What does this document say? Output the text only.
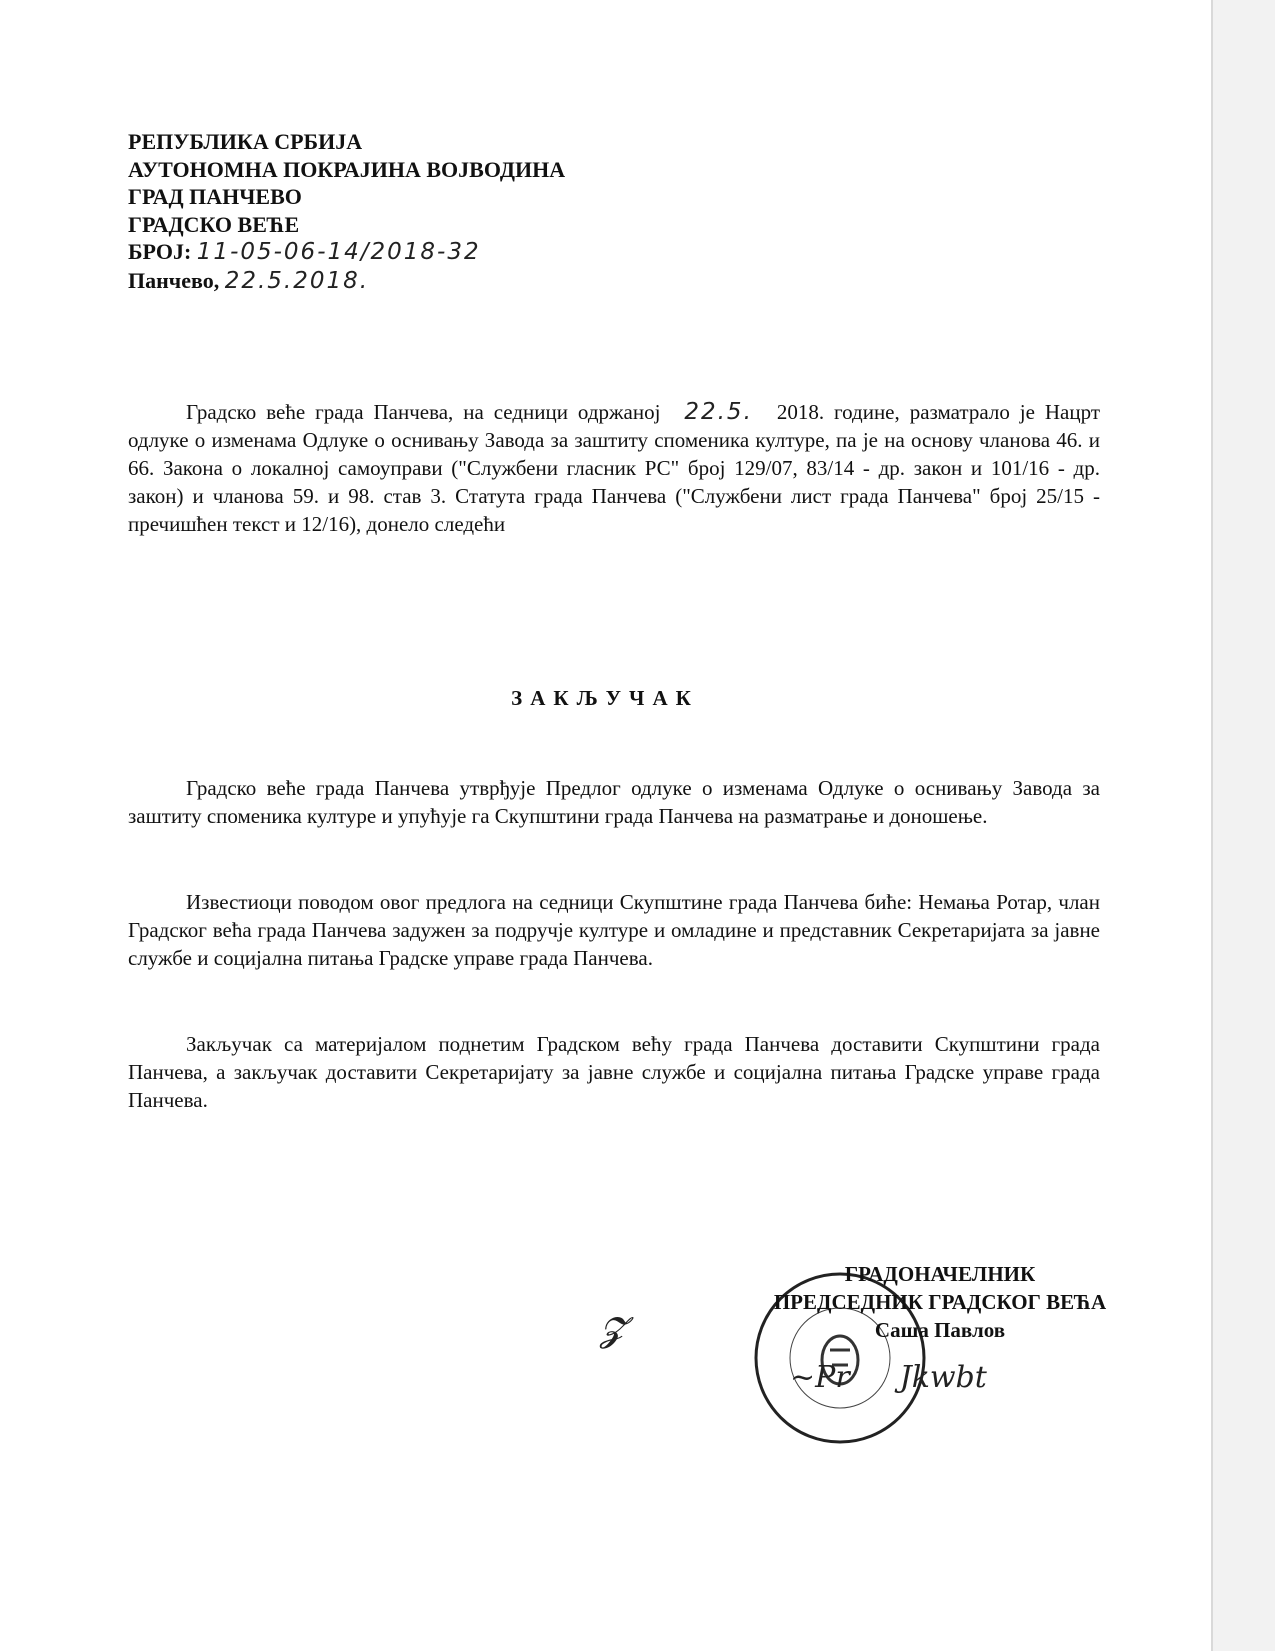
РЕПУБЛИКА СРБИЈА
АУТОНОМНА ПОКРАЈИНА ВОЈВОДИНА
ГРАД ПАНЧЕВО
ГРАДСКО ВЕЋЕ
БРОЈ: 11-05-06-14/2018-32
Панчево, 22.5.2018.
Градско веће града Панчева, на седници одржаној 22.5. 2018. године, разматрало је Нацрт одлуке о изменама Одлуке о оснивању Завода за заштиту споменика културе, па је на основу чланова 46. и 66. Закона о локалној самоуправи ("Службени гласник РС" број 129/07, 83/14 - др. закон и 101/16 - др. закон) и чланова 59. и 98. став 3. Статута града Панчева ("Службени лист града Панчева" број 25/15 - пречишћен текст и 12/16), донело следећи
ЗАКЉУЧАК
Градско веће града Панчева утврђује Предлог одлуке о изменама Одлуке о оснивању Завода за заштиту споменика културе и упућује га Скупштини града Панчева на разматрање и доношење.
Известиоци поводом овог предлога на седници Скупштине града Панчева биће: Немања Ротар, члан Градског већа града Панчева задужен за подручје културе и омладине и представник Секретаријата за јавне службе и социјална питања Градске управе града Панчева.
Закључак са материјалом поднетим Градском већу града Панчева доставити Скупштини града Панчева, а закључак доставити Секретаријату за јавне службе и социјална питања Градске управе града Панчева.
𝓩
ГРАДОНАЧЕЛНИК
ПРЕДСЕДНИК ГРАДСКОГ ВЕЋА
Саша Павлов
~Pr Jkwbt
